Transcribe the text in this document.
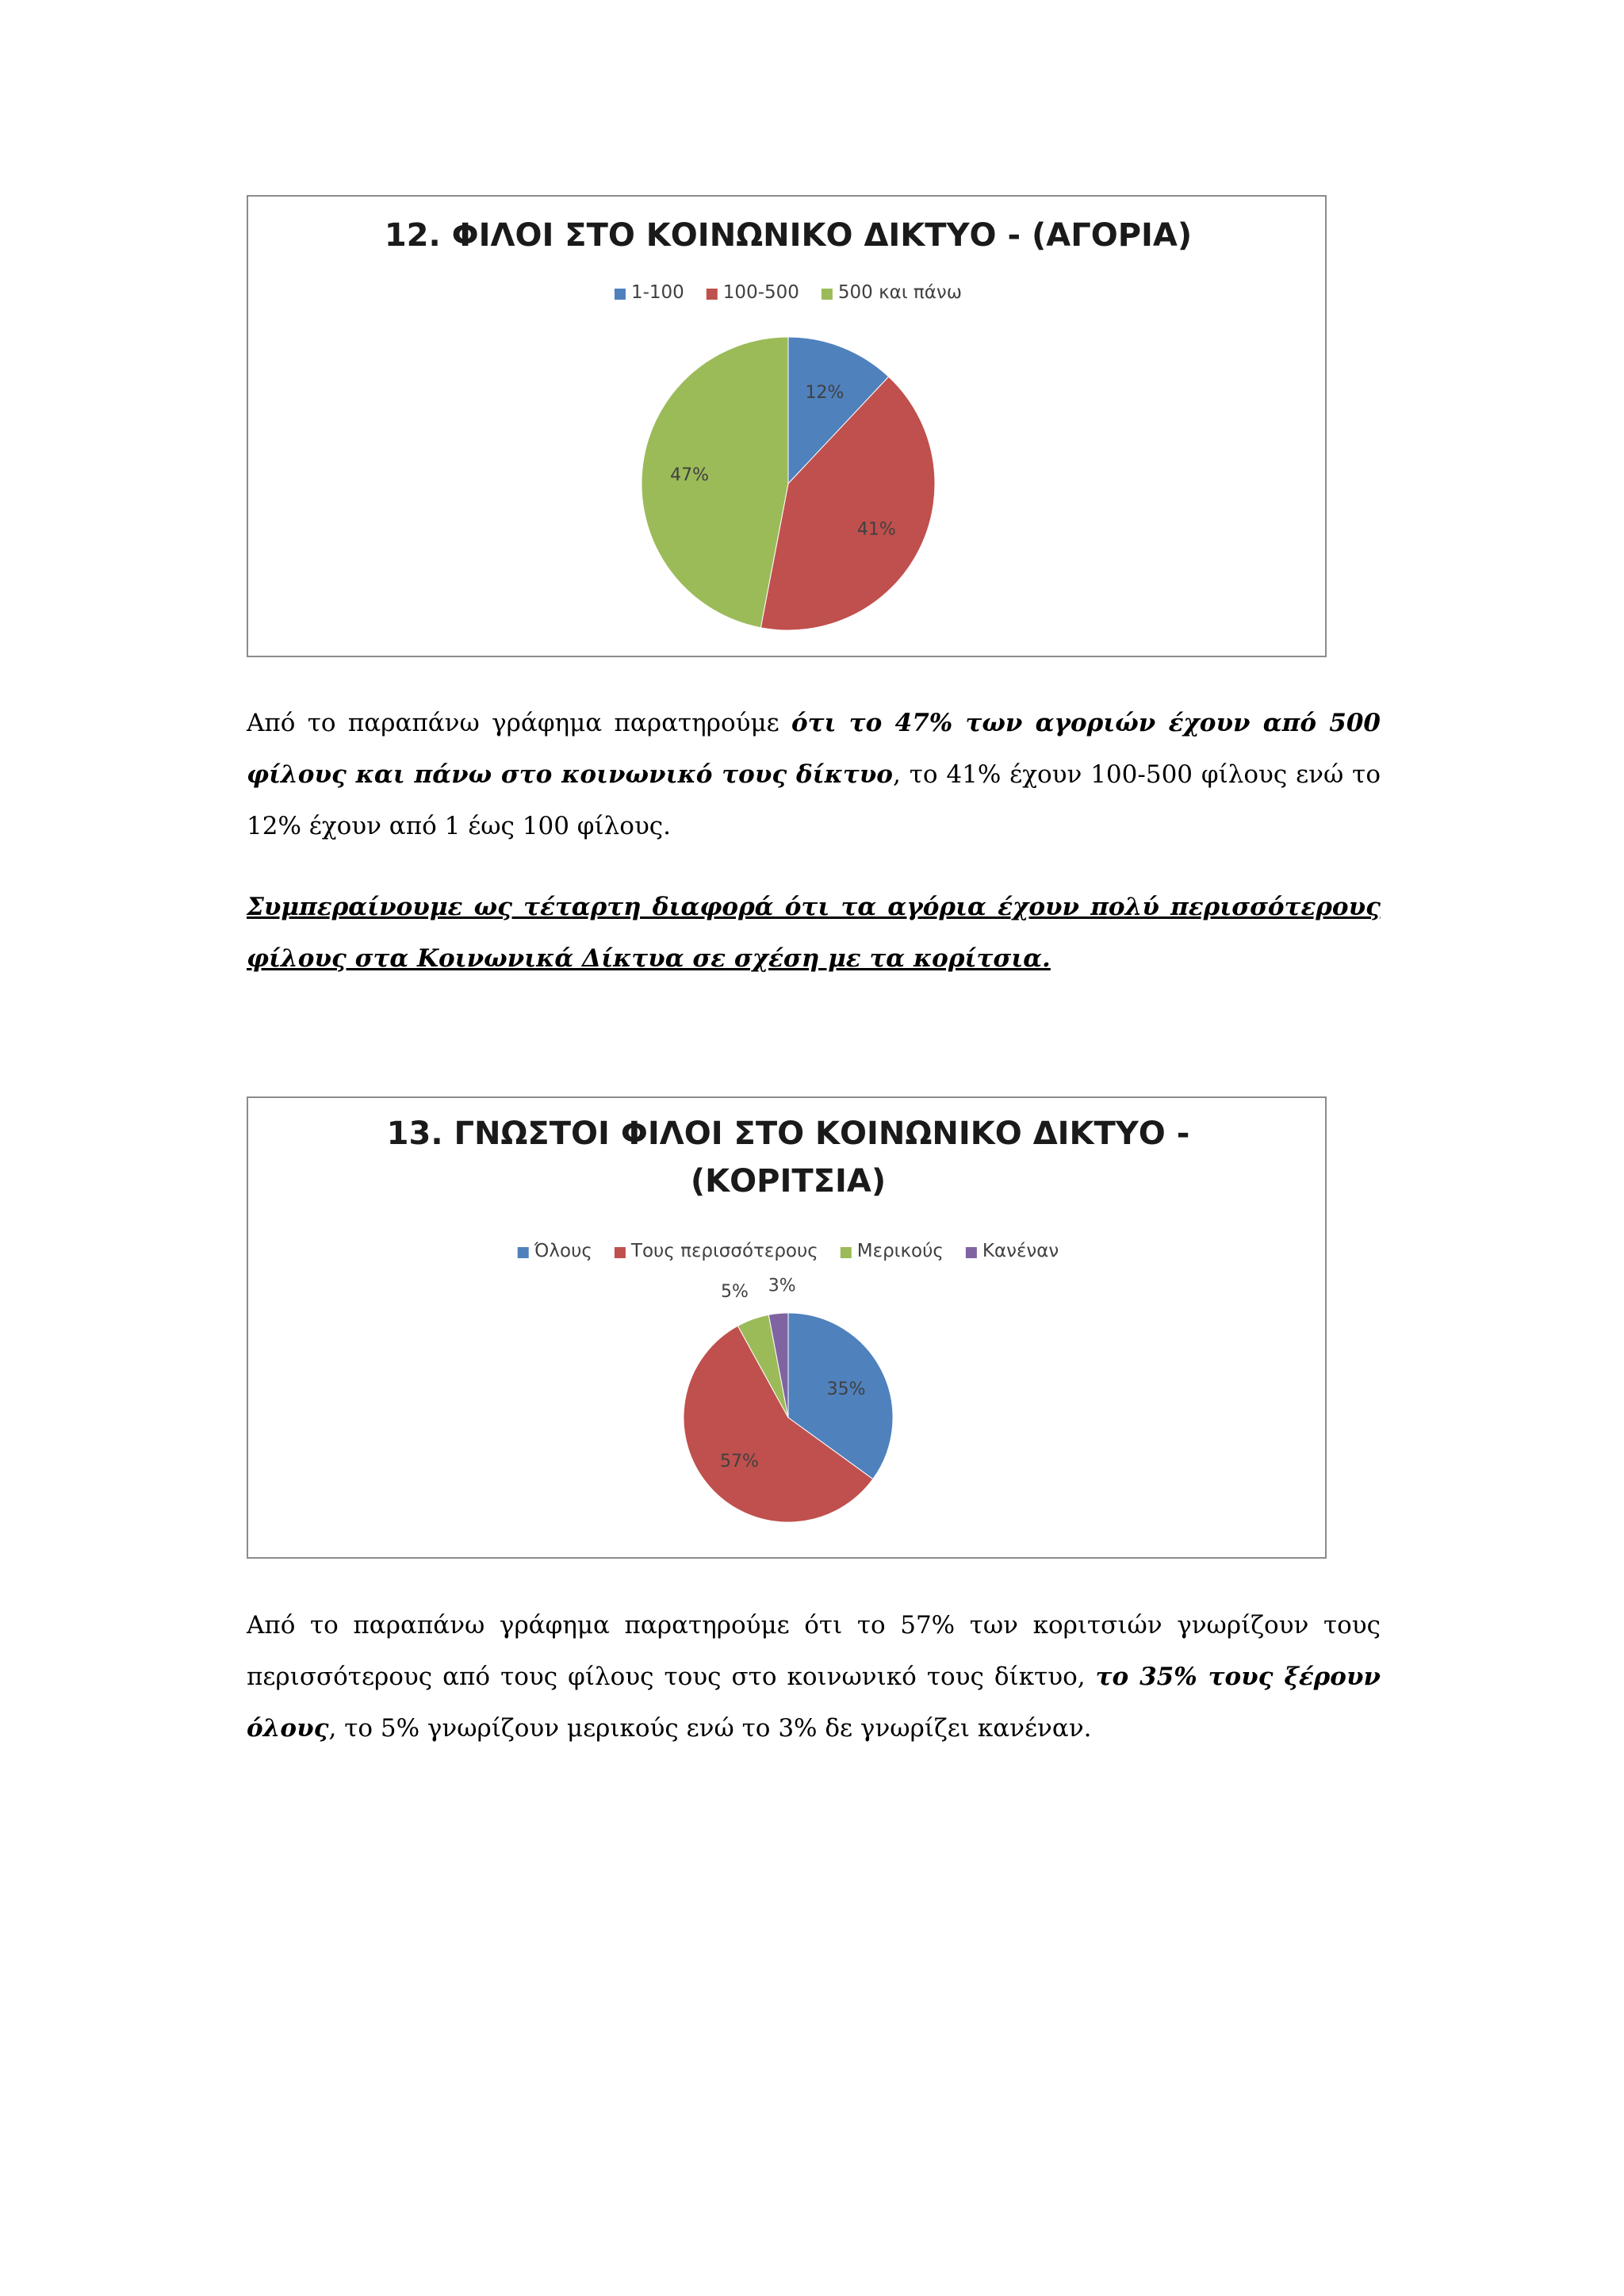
12. ΦΙΛΟΙ ΣΤΟ ΚΟΙΝΩΝΙΚΟ ΔΙΚΤΥΟ - (ΑΓΟΡΙΑ)
1-100 100-500 500 και πάνω
12%
41%
47%

Από το παραπάνω γράφημα παρατηρούμε ότι το 47% των αγοριών έχουν από 500 φίλους και πάνω στο κοινωνικό τους δίκτυο, το 41% έχουν 100-500 φίλους ενώ το 12% έχουν από 1 έως 100 φίλους.

Συμπεραίνουμε ως τέταρτη διαφορά ότι τα αγόρια έχουν πολύ περισσότερους φίλους στα Κοινωνικά Δίκτυα σε σχέση με τα κορίτσια.

13. ΓΝΩΣΤΟΙ ΦΙΛΟΙ ΣΤΟ ΚΟΙΝΩΝΙΚΟ ΔΙΚΤΥΟ -
(ΚΟΡΙΤΣΙΑ)
Όλους Τους περισσότερους Μερικούς Κανέναν
35%
57%
5% 3%

Από το παραπάνω γράφημα παρατηρούμε ότι το 57% των κοριτσιών γνωρίζουν τους περισσότερους από τους φίλους τους στο κοινωνικό τους δίκτυο, το 35% τους ξέρουν όλους, το 5% γνωρίζουν μερικούς ενώ το 3% δε γνωρίζει κανέναν.
